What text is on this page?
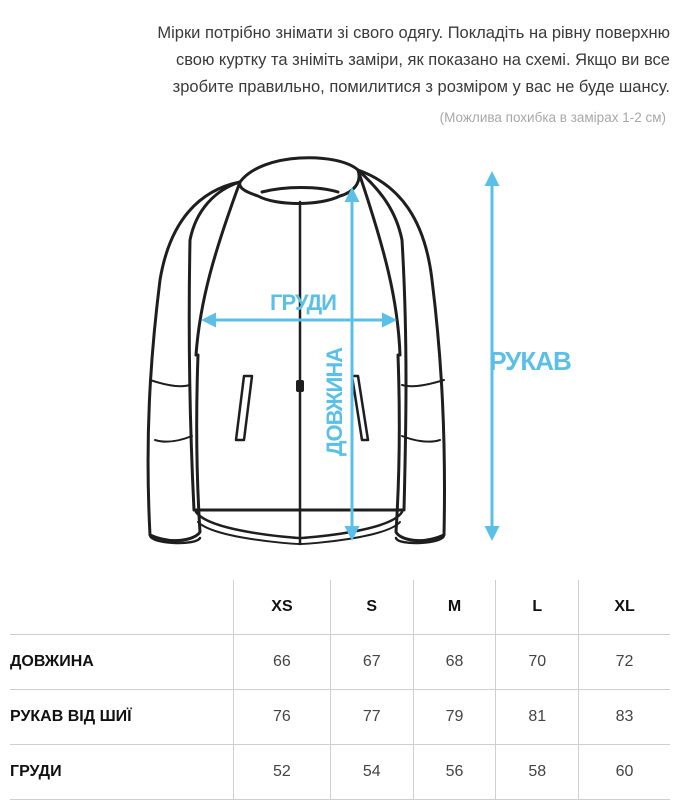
Мірки потрібно знімати зі свого одягу. Покладіть на рівну поверхню
свою куртку та зніміть заміри, як показано на схемі. Якщо ви все
зробите правильно, помилитися з розміром у вас не буде шансу.
(Можлива похибка в замірах 1-2 см)
ГРУДИ
ДОВЖИНА	РУКАВ
	XS	S	M	L	XL
ДОВЖИНА	66	67	68	70	72
РУКАВ ВІД ШИЇ	76	77	79	81	83
ГРУДИ	52	54	56	58	60
